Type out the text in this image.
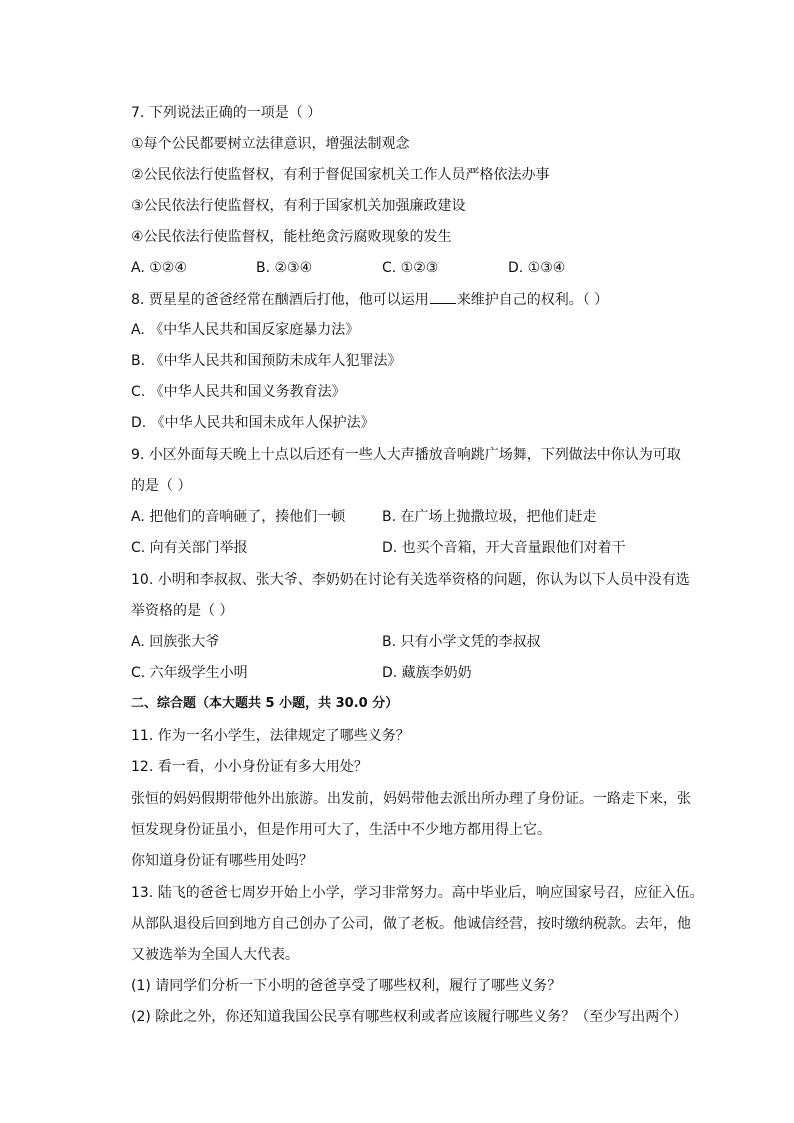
7. 下列说法正确的一项是（ ）
①每个公民都要树立法律意识，增强法制观念
②公民依法行使监督权，有利于督促国家机关工作人员严格依法办事
③公民依法行使监督权，有利于国家机关加强廉政建设
④公民依法行使监督权，能杜绝贪污腐败现象的发生
A. ①②④	B. ②③④	C. ①②③	D. ①③④
8. 贾星星的爸爸经常在酗酒后打他，他可以运用 来维护自己的权利。（ ）
A. 《中华人民共和国反家庭暴力法》
B. 《中华人民共和国预防未成年人犯罪法》
C. 《中华人民共和国义务教育法》
D. 《中华人民共和国未成年人保护法》
9. 小区外面每天晚上十点以后还有一些人大声播放音响跳广场舞，下列做法中你认为可取
的是（ ）
A. 把他们的音响砸了，揍他们一顿	B. 在广场上抛撒垃圾，把他们赶走
C. 向有关部门举报	D. 也买个音箱，开大音量跟他们对着干
10. 小明和李叔叔、张大爷、李奶奶在讨论有关选举资格的问题，你认为以下人员中没有选
举资格的是（ ）
A. 回族张大爷	B. 只有小学文凭的李叔叔
C. 六年级学生小明	D. 藏族李奶奶
二、综合题（本大题共 5 小题，共 30.0 分）
11. 作为一名小学生，法律规定了哪些义务？
12. 看一看，小小身份证有多大用处？
张恒的妈妈假期带他外出旅游。出发前，妈妈带他去派出所办理了身份证。一路走下来，张
恒发现身份证虽小，但是作用可大了，生活中不少地方都用得上它。
你知道身份证有哪些用处吗？
13. 陆飞的爸爸七周岁开始上小学，学习非常努力。高中毕业后，响应国家号召，应征入伍。
从部队退役后回到地方自己创办了公司，做了老板。他诚信经营，按时缴纳税款。去年，他
又被选举为全国人大代表。
(1) 请同学们分析一下小明的爸爸享受了哪些权利，履行了哪些义务？
(2) 除此之外，你还知道我国公民享有哪些权利或者应该履行哪些义务？（至少写出两个）
